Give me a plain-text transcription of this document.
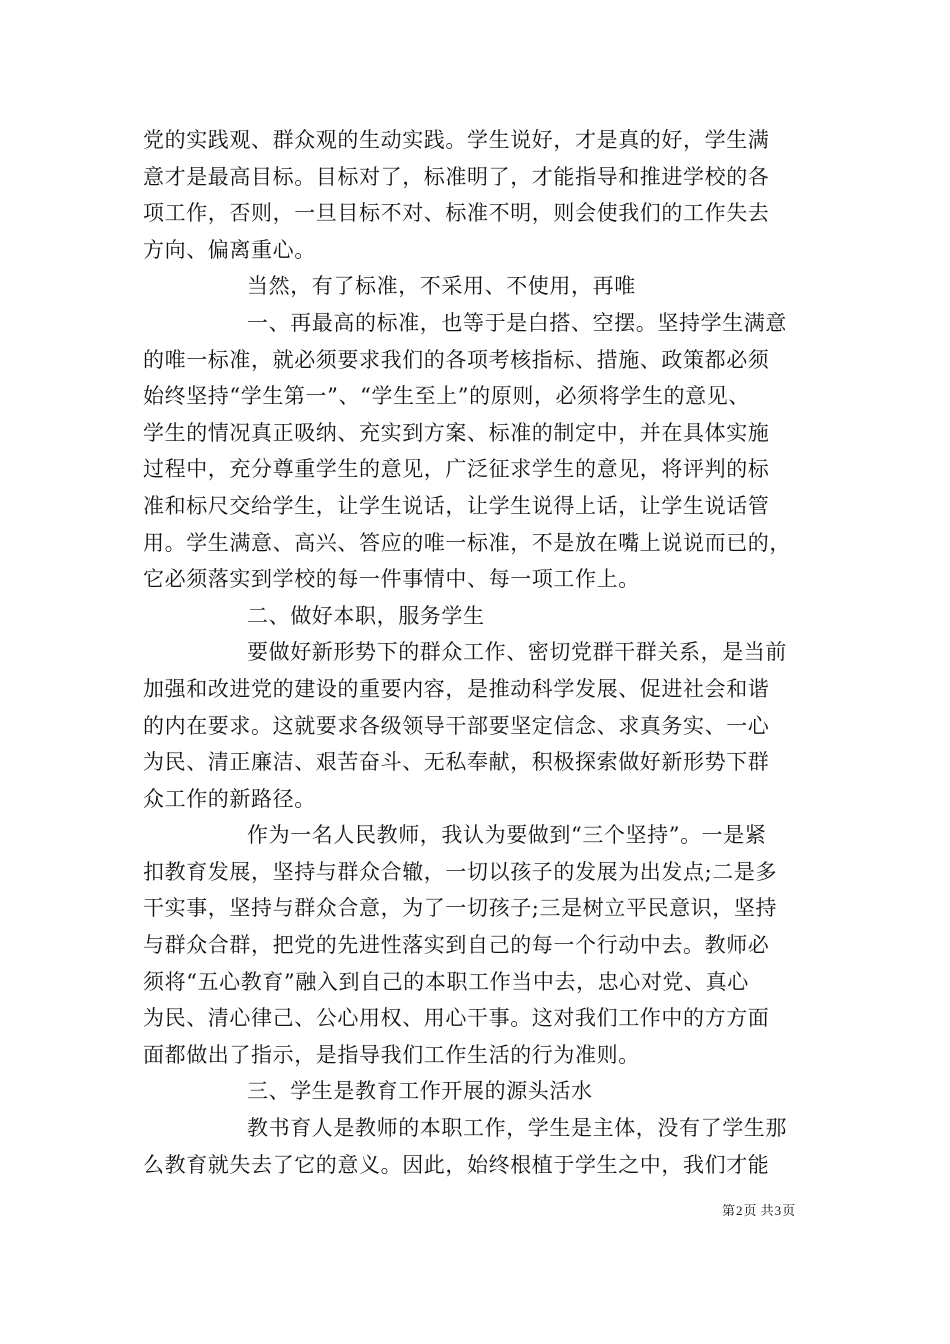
党的实践观、群众观的生动实践。学生说好，才是真的好，学生满
意才是最高目标。目标对了，标准明了，才能指导和推进学校的各
项工作，否则，一旦目标不对、标准不明，则会使我们的工作失去
方向、偏离重心。
当然，有了标准，不采用、不使用，再唯
一、再最高的标准，也等于是白搭、空摆。坚持学生满意
的唯一标准，就必须要求我们的各项考核指标、措施、政策都必须
始终坚持“学生第一”、“学生至上”的原则，必须将学生的意见、
学生的情况真正吸纳、充实到方案、标准的制定中，并在具体实施
过程中，充分尊重学生的意见，广泛征求学生的意见，将评判的标
准和标尺交给学生，让学生说话，让学生说得上话，让学生说话管
用。学生满意、高兴、答应的唯一标准，不是放在嘴上说说而已的，
它必须落实到学校的每一件事情中、每一项工作上。
二、做好本职，服务学生
要做好新形势下的群众工作、密切党群干群关系，是当前
加强和改进党的建设的重要内容，是推动科学发展、促进社会和谐
的内在要求。这就要求各级领导干部要坚定信念、求真务实、一心
为民、清正廉洁、艰苦奋斗、无私奉献，积极探索做好新形势下群
众工作的新路径。
作为一名人民教师，我认为要做到“三个坚持”。一是紧
扣教育发展，坚持与群众合辙，一切以孩子的发展为出发点;二是多
干实事，坚持与群众合意，为了一切孩子;三是树立平民意识，坚持
与群众合群，把党的先进性落实到自己的每一个行动中去。教师必
须将“五心教育”融入到自己的本职工作当中去，忠心对党、真心
为民、清心律己、公心用权、用心干事。这对我们工作中的方方面
面都做出了指示，是指导我们工作生活的行为准则。
三、学生是教育工作开展的源头活水
教书育人是教师的本职工作，学生是主体，没有了学生那
么教育就失去了它的意义。因此，始终根植于学生之中，我们才能
第2页 共3页
